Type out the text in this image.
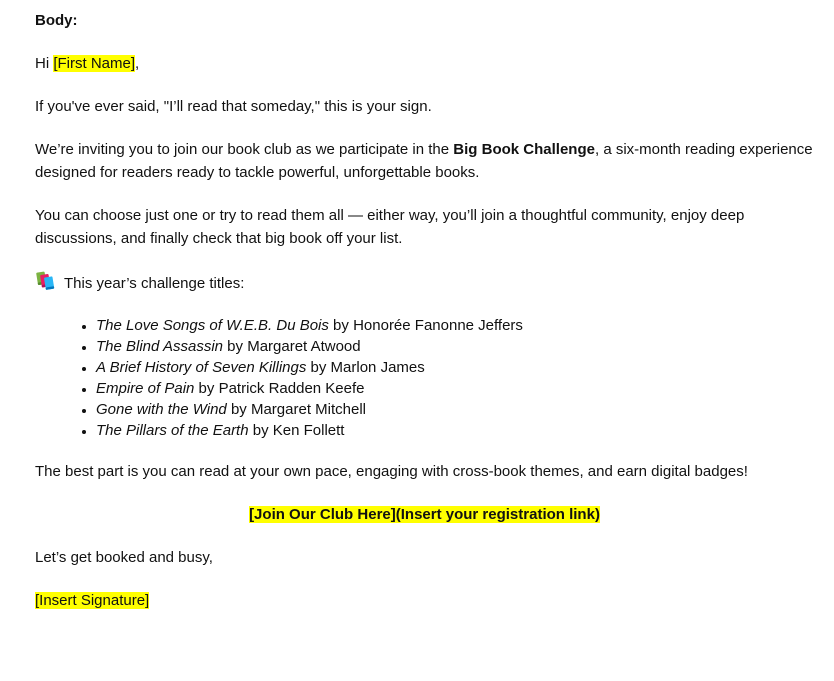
Body:

Hi [First Name],

If you've ever said, "I’ll read that someday," this is your sign.

We’re inviting you to join our book club as we participate in the Big Book Challenge, a six-month reading experience designed for readers ready to tackle powerful, unforgettable books.

You can choose just one or try to read them all — either way, you’ll join a thoughtful community, enjoy deep discussions, and finally check that big book off your list.

This year’s challenge titles:

• The Love Songs of W.E.B. Du Bois by Honorée Fanonne Jeffers
• The Blind Assassin by Margaret Atwood
• A Brief History of Seven Killings by Marlon James
• Empire of Pain by Patrick Radden Keefe
• Gone with the Wind by Margaret Mitchell
• The Pillars of the Earth by Ken Follett

The best part is you can read at your own pace, engaging with cross-book themes, and earn digital badges!

[Join Our Club Here](Insert your registration link)

Let’s get booked and busy,

[Insert Signature]
